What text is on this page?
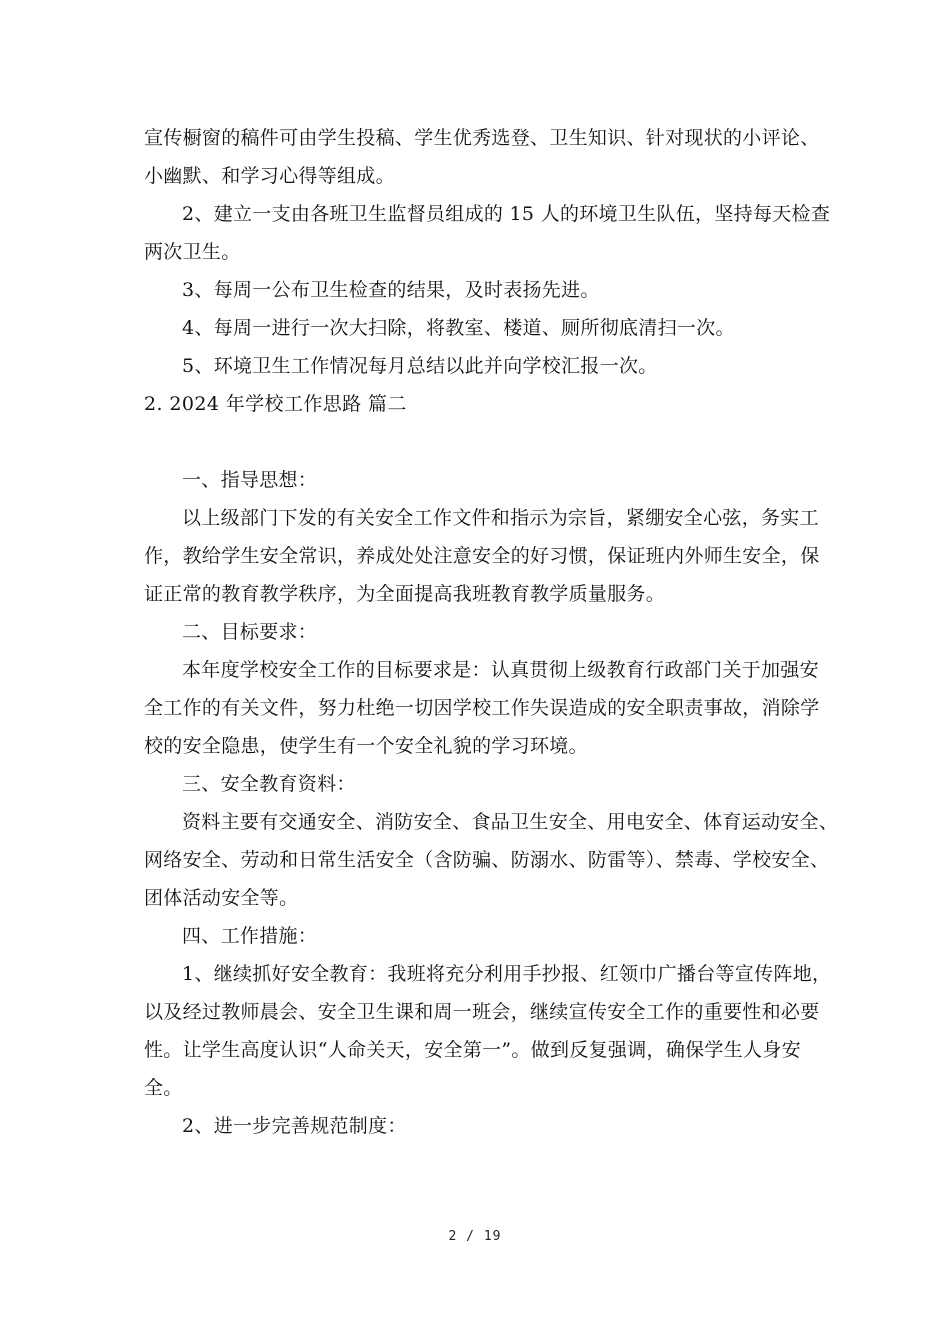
宣传橱窗的稿件可由学生投稿、学生优秀选登、卫生知识、针对现状的小评论、
小幽默、和学习心得等组成。
2、建立一支由各班卫生监督员组成的 15 人的环境卫生队伍，坚持每天检查
两次卫生。
3、每周一公布卫生检查的结果，及时表扬先进。
4、每周一进行一次大扫除，将教室、楼道、厕所彻底清扫一次。
5、环境卫生工作情况每月总结以此并向学校汇报一次。
2. 2024 年学校工作思路 篇二
一、指导思想：
以上级部门下发的有关安全工作文件和指示为宗旨，紧绷安全心弦，务实工
作，教给学生安全常识，养成处处注意安全的好习惯，保证班内外师生安全，保
证正常的教育教学秩序，为全面提高我班教育教学质量服务。
二、目标要求：
本年度学校安全工作的目标要求是：认真贯彻上级教育行政部门关于加强安
全工作的有关文件，努力杜绝一切因学校工作失误造成的安全职责事故，消除学
校的安全隐患，使学生有一个安全礼貌的学习环境。
三、安全教育资料：
资料主要有交通安全、消防安全、食品卫生安全、用电安全、体育运动安全、
网络安全、劳动和日常生活安全（含防骗、防溺水、防雷等）、禁毒、学校安全、
团体活动安全等。
四、工作措施：
1、继续抓好安全教育：我班将充分利用手抄报、红领巾广播台等宣传阵地，
以及经过教师晨会、安全卫生课和周一班会，继续宣传安全工作的重要性和必要
性。让学生高度认识“人命关天，安全第一”。做到反复强调，确保学生人身安
全。
2、进一步完善规范制度：
2 / 19
